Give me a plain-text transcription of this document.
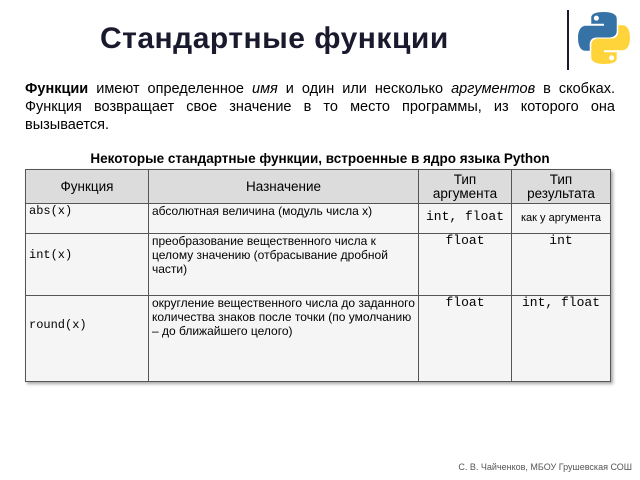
Стандартные функции
Функции имеют определенное имя и один или несколько аргументов в скобках. Функция возвращает свое значение в то место программы, из которого она вызывается.
Некоторые стандартные функции, встроенные в ядро языка Python
Функция	Назначение	Тип аргумента	Тип результата
abs(x)	абсолютная величина (модуль числа x)	int, float	как у аргумента
int(x)	преобразование вещественного числа к целому значению (отбрасывание дробной части)	float	int
round(x)	округление вещественного числа до заданного количества знаков после точки (по умолчанию – до ближайшего целого)	float	int, float
С. В. Чайченков, МБОУ Грушевская СОШ
